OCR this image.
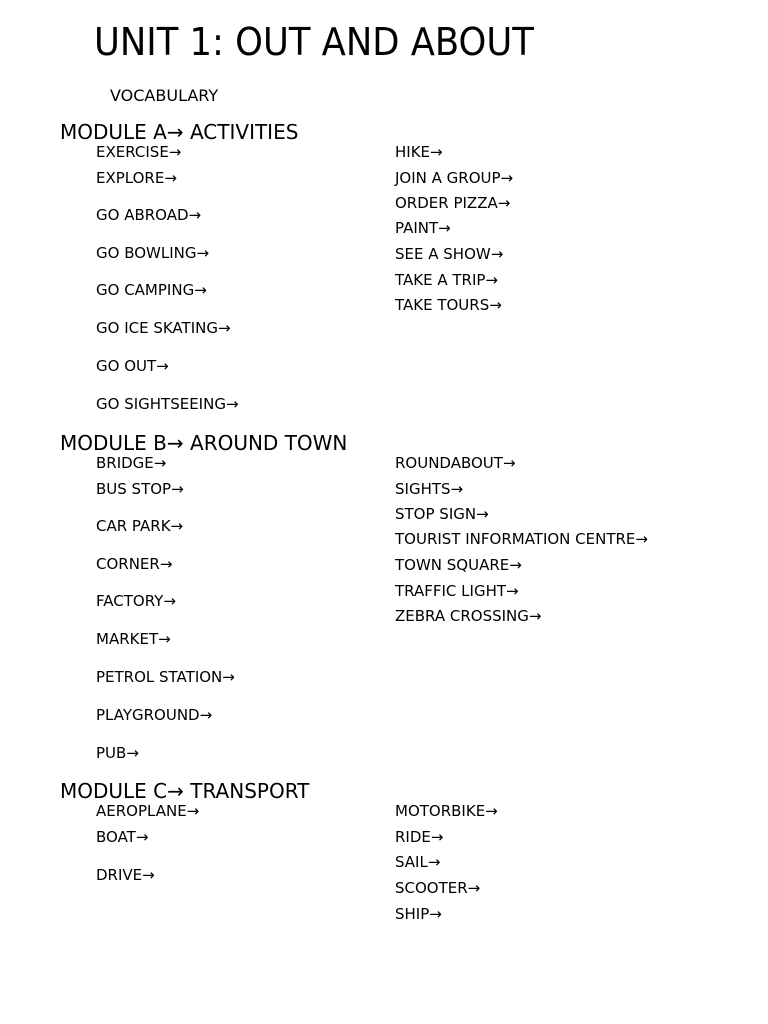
UNIT 1: OUT AND ABOUT
VOCABULARY
MODULE A→ ACTIVITIES
EXERCISE→
EXPLORE→
GO ABROAD→
GO BOWLING→
GO CAMPING→
GO ICE SKATING→
GO OUT→
GO SIGHTSEEING→
HIKE→
JOIN A GROUP→
ORDER PIZZA→
PAINT→
SEE A SHOW→
TAKE A TRIP→
TAKE TOURS→
MODULE B→ AROUND TOWN
BRIDGE→
BUS STOP→
CAR PARK→
CORNER→
FACTORY→
MARKET→
PETROL STATION→
PLAYGROUND→
PUB→
ROUNDABOUT→
SIGHTS→
STOP SIGN→
TOURIST INFORMATION CENTRE→
TOWN SQUARE→
TRAFFIC LIGHT→
ZEBRA CROSSING→
MODULE C→ TRANSPORT
AEROPLANE→
BOAT→
DRIVE→
MOTORBIKE→
RIDE→
SAIL→
SCOOTER→
SHIP→
